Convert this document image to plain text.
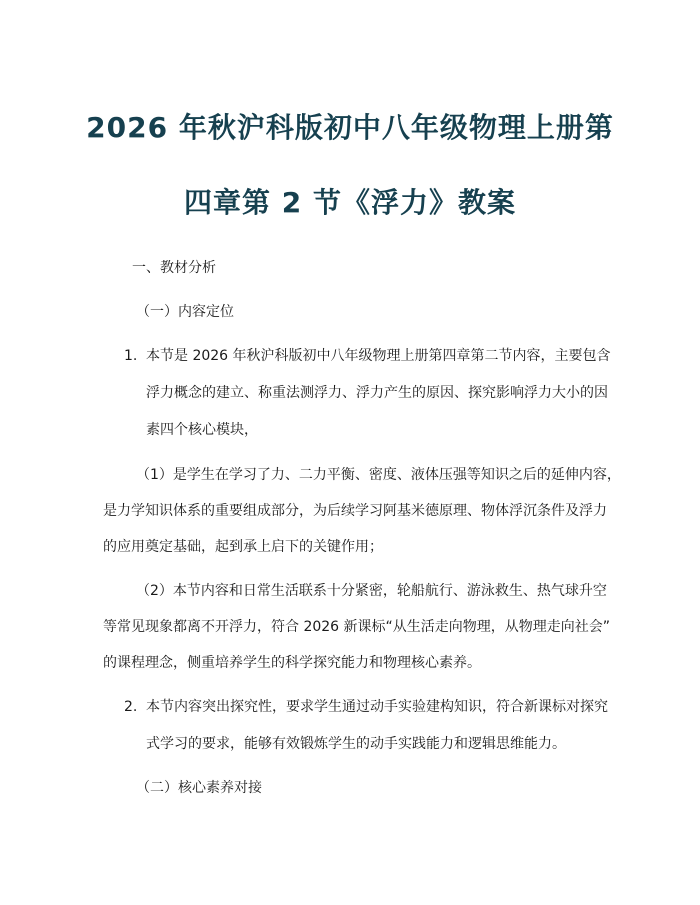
2026 年秋沪科版初中八年级物理上册第
四章第 2 节《浮力》教案
一、教材分析
（一）内容定位
1. 本节是 2026 年秋沪科版初中八年级物理上册第四章第二节内容，主要包含
浮力概念的建立、称重法测浮力、浮力产生的原因、探究影响浮力大小的因
素四个核心模块，
（1）是学生在学习了力、二力平衡、密度、液体压强等知识之后的延伸内容，
是力学知识体系的重要组成部分，为后续学习阿基米德原理、物体浮沉条件及浮力
的应用奠定基础，起到承上启下的关键作用；
（2）本节内容和日常生活联系十分紧密，轮船航行、游泳救生、热气球升空
等常见现象都离不开浮力，符合 2026 新课标“从生活走向物理，从物理走向社会”
的课程理念，侧重培养学生的科学探究能力和物理核心素养。
2. 本节内容突出探究性，要求学生通过动手实验建构知识，符合新课标对探究
式学习的要求，能够有效锻炼学生的动手实践能力和逻辑思维能力。
（二）核心素养对接
